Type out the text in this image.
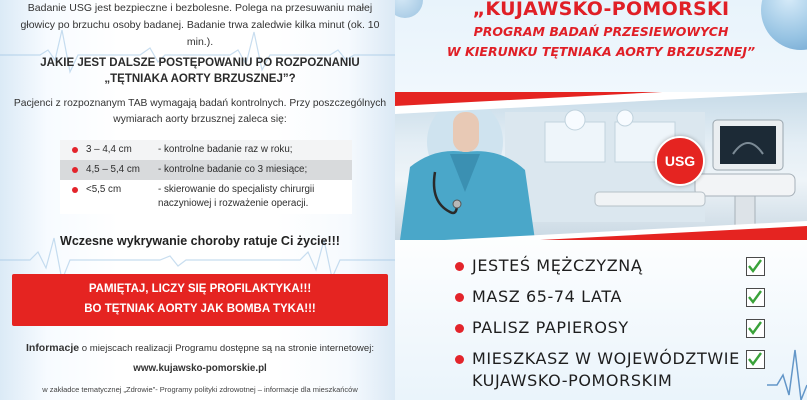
Badanie USG jest bezpieczne i bezbolesne. Polega na przesuwaniu małej głowicy po brzuchu osoby badanej. Badanie trwa zaledwie kilka minut (ok. 10 min.).
JAKIE JEST DALSZE POSTĘPOWANIU PO ROZPOZNANIU „TĘTNIAKA AORTY BRZUSZNEJ”?
Pacjenci z rozpoznanym TAB wymagają badań kontrolnych. Przy poszczególnych wymiarach aorty brzusznej zaleca się:
3 – 4,4 cm	- kontrolne badanie raz w roku;
4,5 – 5,4 cm	- kontrolne badanie co 3 miesiące;
<5,5 cm	- skierowanie do specjalisty chirurgii naczyniowej i rozważenie operacji.
Wczesne wykrywanie choroby ratuje Ci życie!!!
PAMIĘTAJ, LICZY SIĘ PROFILAKTYKA!!!
BO TĘTNIAK AORTY JAK BOMBA TYKA!!!
Informacje o miejscach realizacji Programu dostępne są na stronie internetowej:
www.kujawsko-pomorskie.pl
w zakładce tematycznej „Zdrowie”- Programy polityki zdrowotnej – informacje dla mieszkańców
„KUJAWSKO-POMORSKI
PROGRAM BADAŃ PRZESIEWOWYCH
W KIERUNKU TĘTNIAKA AORTY BRZUSZNEJ”
USG
JESTEŚ MĘŻCZYZNĄ
MASZ 65-74 LATA
PALISZ PAPIEROSY
MIESZKASZ W WOJEWÓDZTWIE
KUJAWSKO-POMORSKIM
